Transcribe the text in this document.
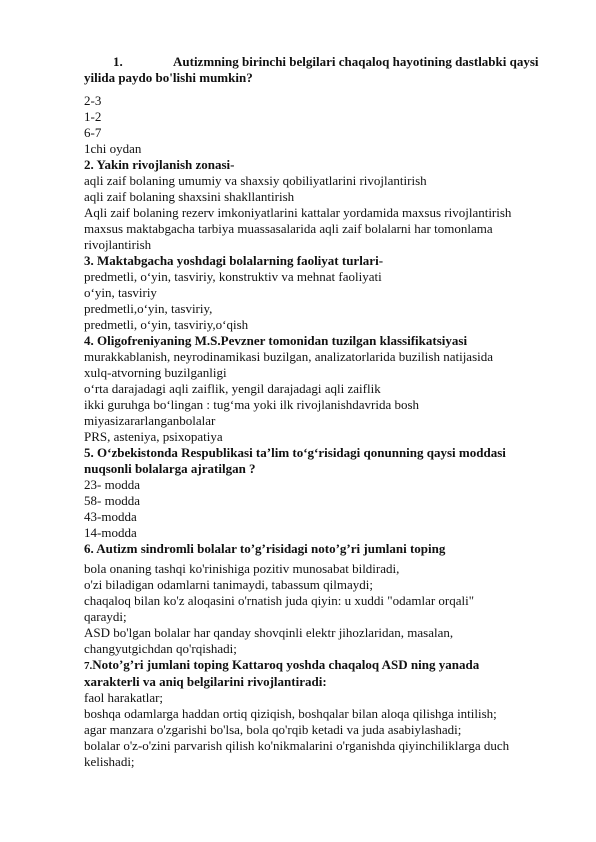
1.	Autizmning birinchi belgilari chaqaloq hayotining dastlabki qaysi
yilida paydo bo'lishi mumkin?
2-3
1-2
6-7
1chi oydan
2. Yakin rivojlanish zonasi-
aqli zaif bolaning umumiy va shaxsiy qobiliyatlarini rivojlantirish
aqli zaif bolaning shaxsini shakllantirish
Aqli zaif bolaning rezerv imkoniyatlarini kattalar yordamida maxsus rivojlantirish
maxsus maktabgacha tarbiya muassasalarida aqli zaif bolalarni har tomonlama
rivojlantirish
3. Maktabgacha yoshdagi bolalarning faoliyat turlari-
predmetli, o‘yin, tasviriy, konstruktiv va mehnat faoliyati
o‘yin, tasviriy
predmetli,o‘yin, tasviriy,
predmetli, o‘yin, tasviriy,o‘qish
4. Oligofreniyaning M.S.Pevzner tomonidan tuzilgan klassifikatsiyasi
murakkablanish, neyrodinamikasi buzilgan, analizatorlarida buzilish natijasida
xulq-atvorning buzilganligi
o‘rta darajadagi aqli zaiflik, yengil darajadagi aqli zaiflik
ikki guruhga bo‘lingan : tug‘ma yoki ilk rivojlanishdavrida bosh
miyasizararlanganbolalar
PRS, asteniya, psixopatiya
5. O‘zbekistonda Respublikasi ta’lim to‘g‘risidagi qonunning qaysi moddasi
nuqsonli bolalarga ajratilgan ?
23- modda
58- modda
43-modda
14-modda
6. Autizm sindromli bolalar to’g’risidagi noto’g’ri jumlani toping
bola onaning tashqi ko'rinishiga pozitiv munosabat bildiradi,
o'zi biladigan odamlarni tanimaydi, tabassum qilmaydi;
chaqaloq bilan ko'z aloqasini o'rnatish juda qiyin: u xuddi "odamlar orqali"
qaraydi;
ASD bo'lgan bolalar har qanday shovqinli elektr jihozlaridan, masalan,
changyutgichdan qo'rqishadi;
7.Noto’g’ri jumlani toping Kattaroq yoshda chaqaloq ASD ning yanada
xarakterli va aniq belgilarini rivojlantiradi:
faol harakatlar;
boshqa odamlarga haddan ortiq qiziqish, boshqalar bilan aloqa qilishga intilish;
agar manzara o'zgarishi bo'lsa, bola qo'rqib ketadi va juda asabiylashadi;
bolalar o'z-o'zini parvarish qilish ko'nikmalarini o'rganishda qiyinchiliklarga duch
kelishadi;
